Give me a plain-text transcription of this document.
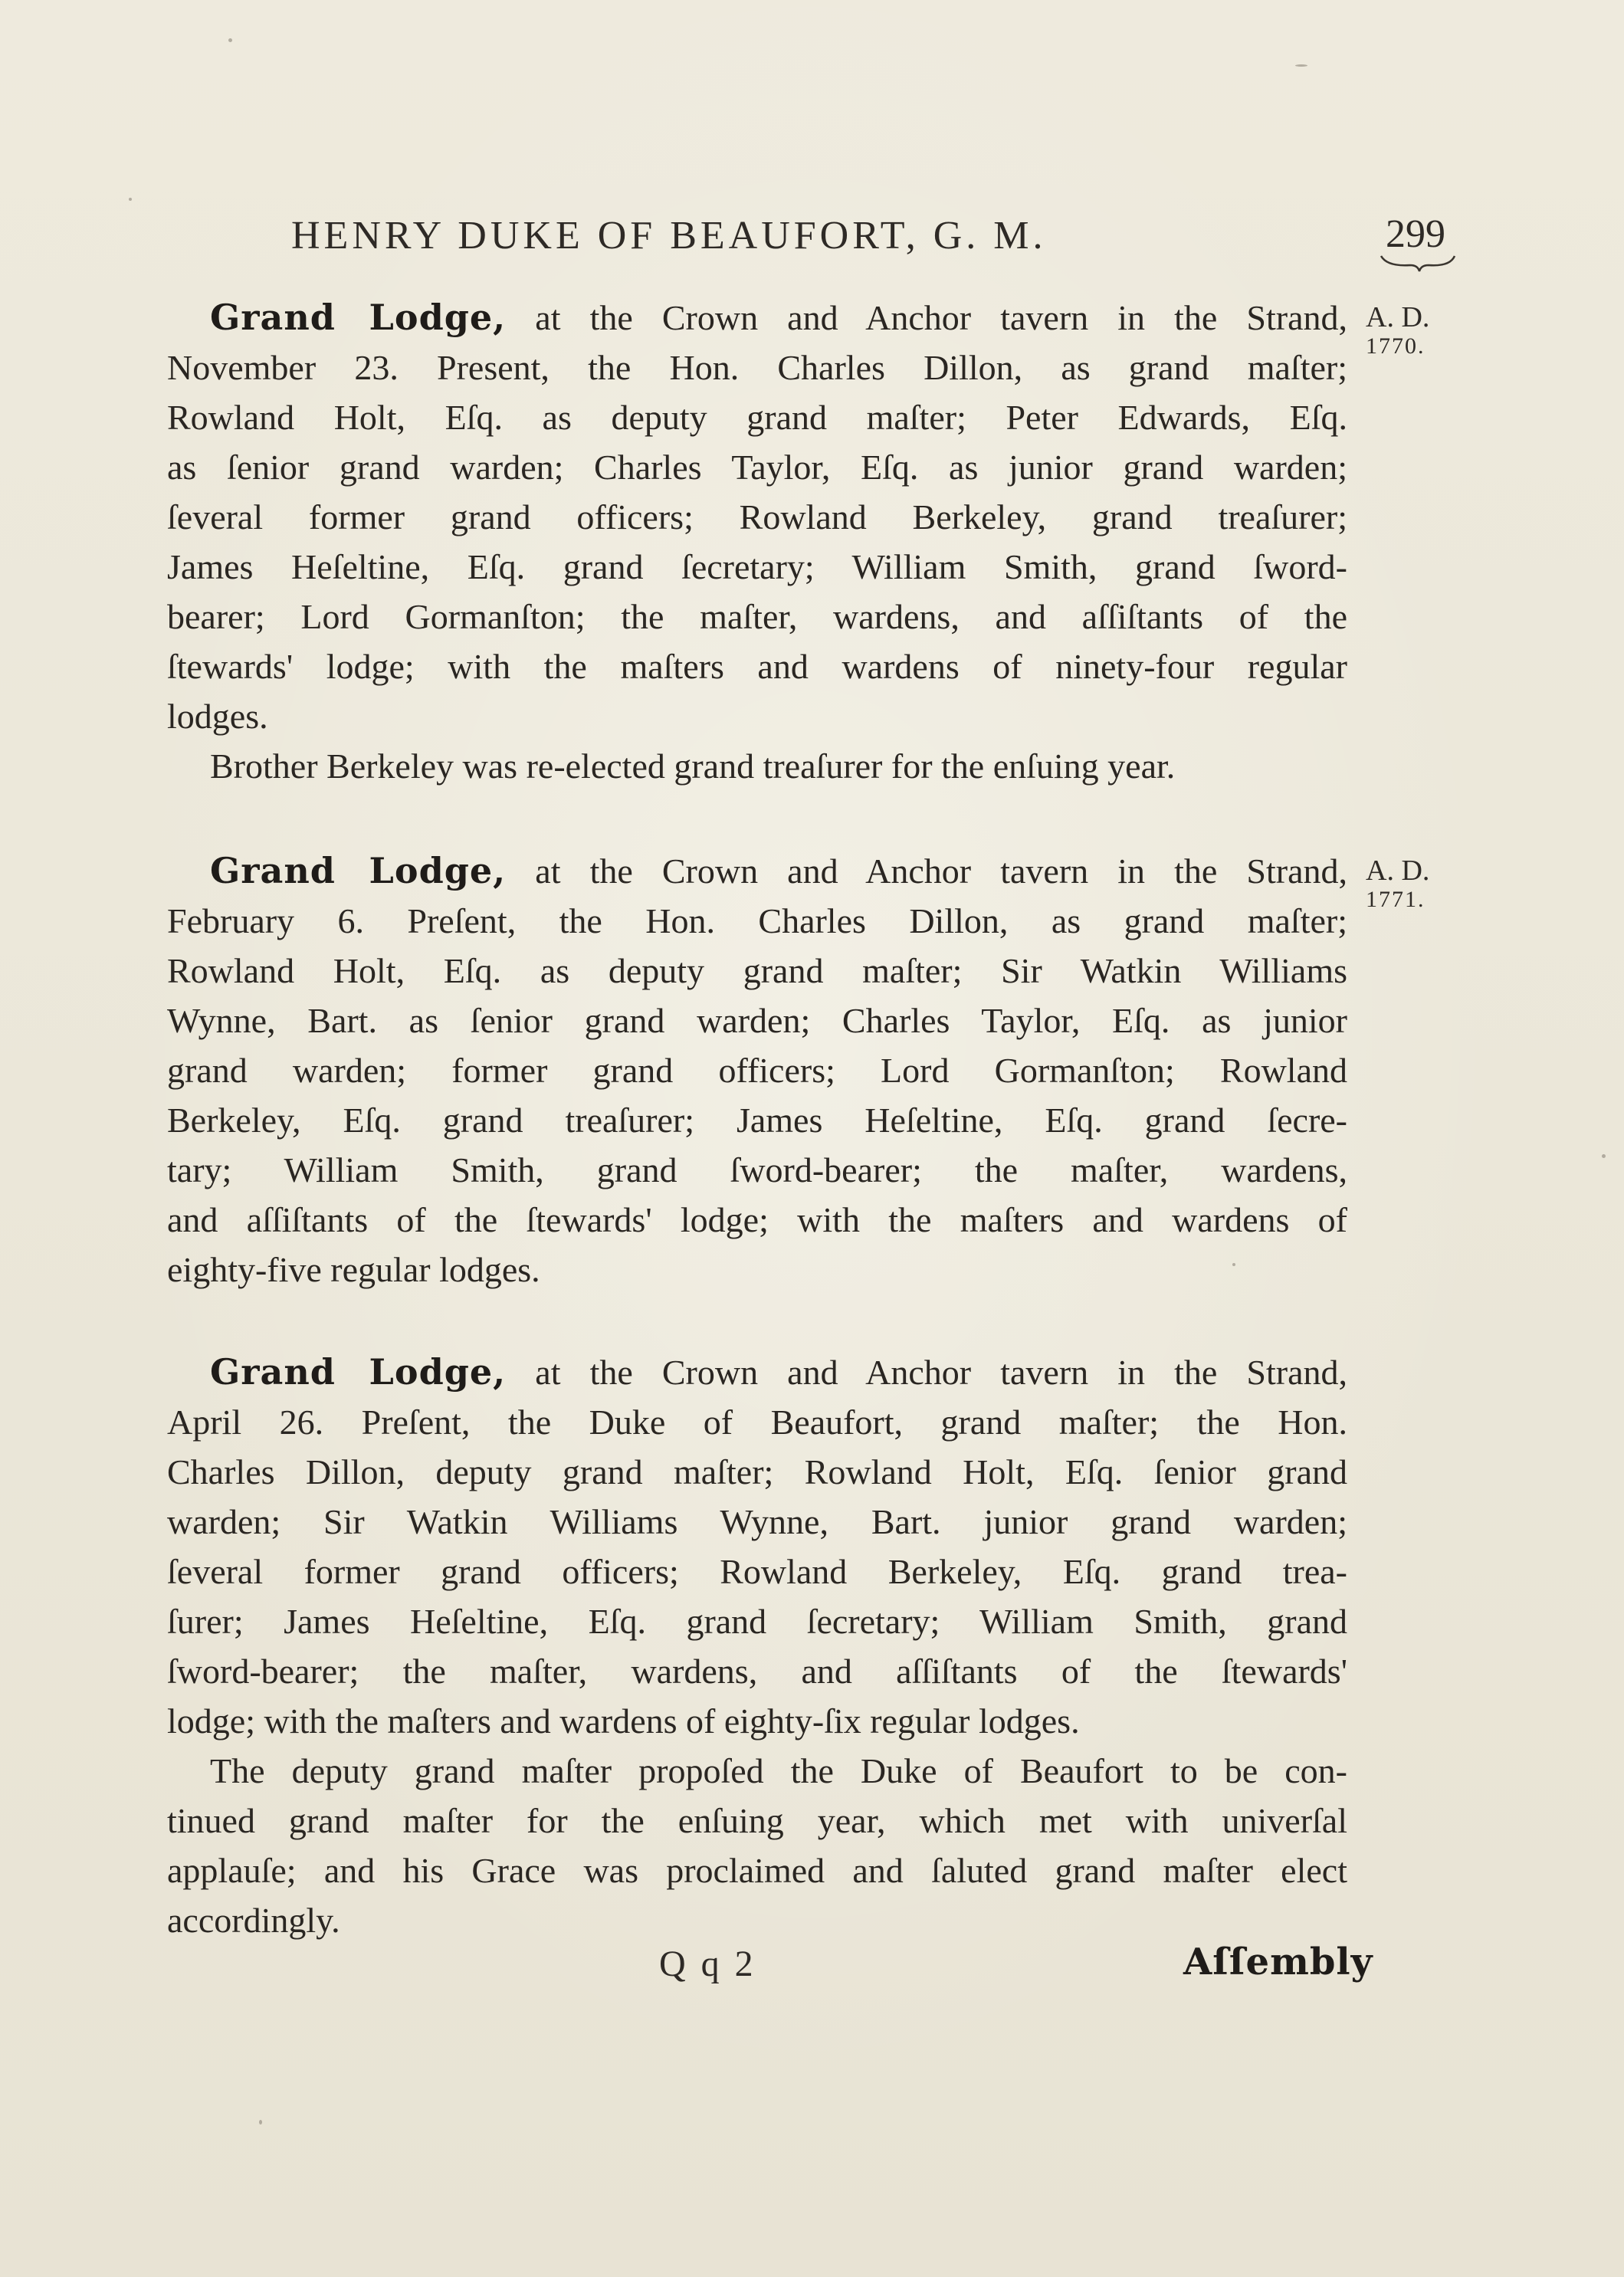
HENRY DUKE OF BEAUFORT, G. M.	299
A. D.
1770.
Grand Lodge, at the Crown and Anchor tavern in the Strand,
November 23. Present, the Hon. Charles Dillon, as grand maſter;
Rowland Holt, Eſq. as deputy grand maſter; Peter Edwards, Eſq.
as ſenior grand warden; Charles Taylor, Eſq. as junior grand warden;
ſeveral former grand officers; Rowland Berkeley, grand treaſurer;
James Heſeltine, Eſq. grand ſecretary; William Smith, grand ſword-
bearer; Lord Gormanſton; the maſter, wardens, and aſſiſtants of the
ſtewards' lodge; with the maſters and wardens of ninety-four regular
lodges.
Brother Berkeley was re-elected grand treaſurer for the enſuing year.
A. D.
1771.
Grand Lodge, at the Crown and Anchor tavern in the Strand,
February 6. Preſent, the Hon. Charles Dillon, as grand maſter;
Rowland Holt, Eſq. as deputy grand maſter; Sir Watkin Williams
Wynne, Bart. as ſenior grand warden; Charles Taylor, Eſq. as junior
grand warden; former grand officers; Lord Gormanſton; Rowland
Berkeley, Eſq. grand treaſurer; James Heſeltine, Eſq. grand ſecre-
tary; William Smith, grand ſword-bearer; the maſter, wardens,
and aſſiſtants of the ſtewards' lodge; with the maſters and wardens of
eighty-five regular lodges.
Grand Lodge, at the Crown and Anchor tavern in the Strand,
April 26. Preſent, the Duke of Beaufort, grand maſter; the Hon.
Charles Dillon, deputy grand maſter; Rowland Holt, Eſq. ſenior grand
warden; Sir Watkin Williams Wynne, Bart. junior grand warden;
ſeveral former grand officers; Rowland Berkeley, Eſq. grand trea-
ſurer; James Heſeltine, Eſq. grand ſecretary; William Smith, grand
ſword-bearer; the maſter, wardens, and aſſiſtants of the ſtewards'
lodge; with the maſters and wardens of eighty-ſix regular lodges.
The deputy grand maſter propoſed the Duke of Beaufort to be con-
tinued grand maſter for the enſuing year, which met with univerſal
applauſe; and his Grace was proclaimed and ſaluted grand maſter elect
accordingly.
Q q 2	Aſſembly
